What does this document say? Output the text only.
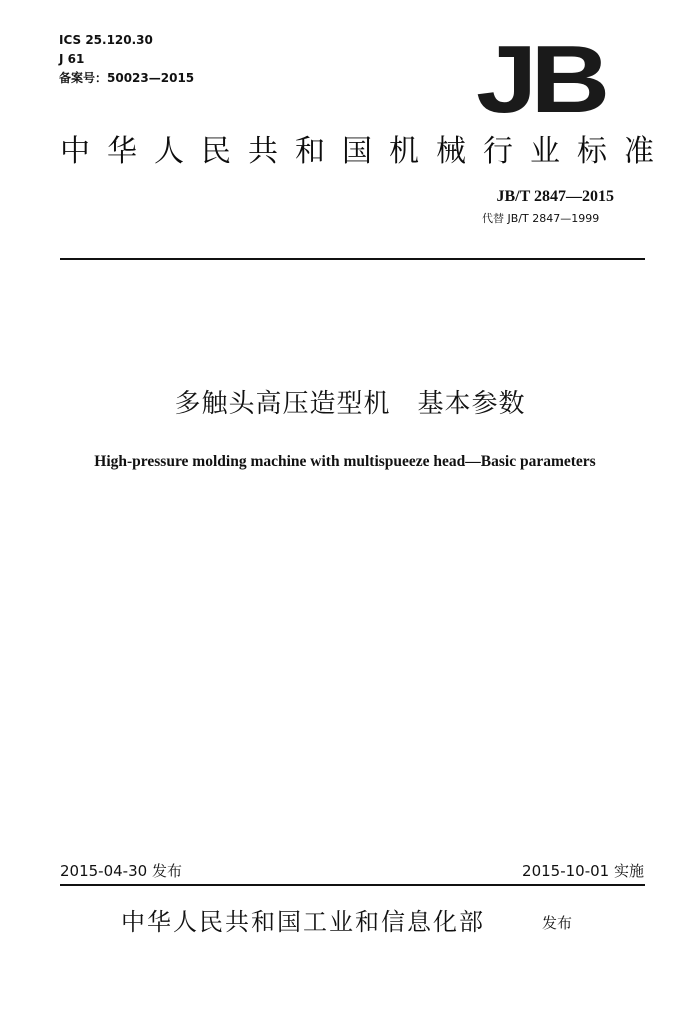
ICS 25.120.30
J 61
备案号：50023—2015	JB
中华人民共和国机械行业标准
JB/T 2847—2015
代替 JB/T 2847—1999
多触头高压造型机　基本参数
High-pressure molding machine with multispueeze head—Basic parameters
2015-04-30 发布	2015-10-01 实施
中华人民共和国工业和信息化部	发布
